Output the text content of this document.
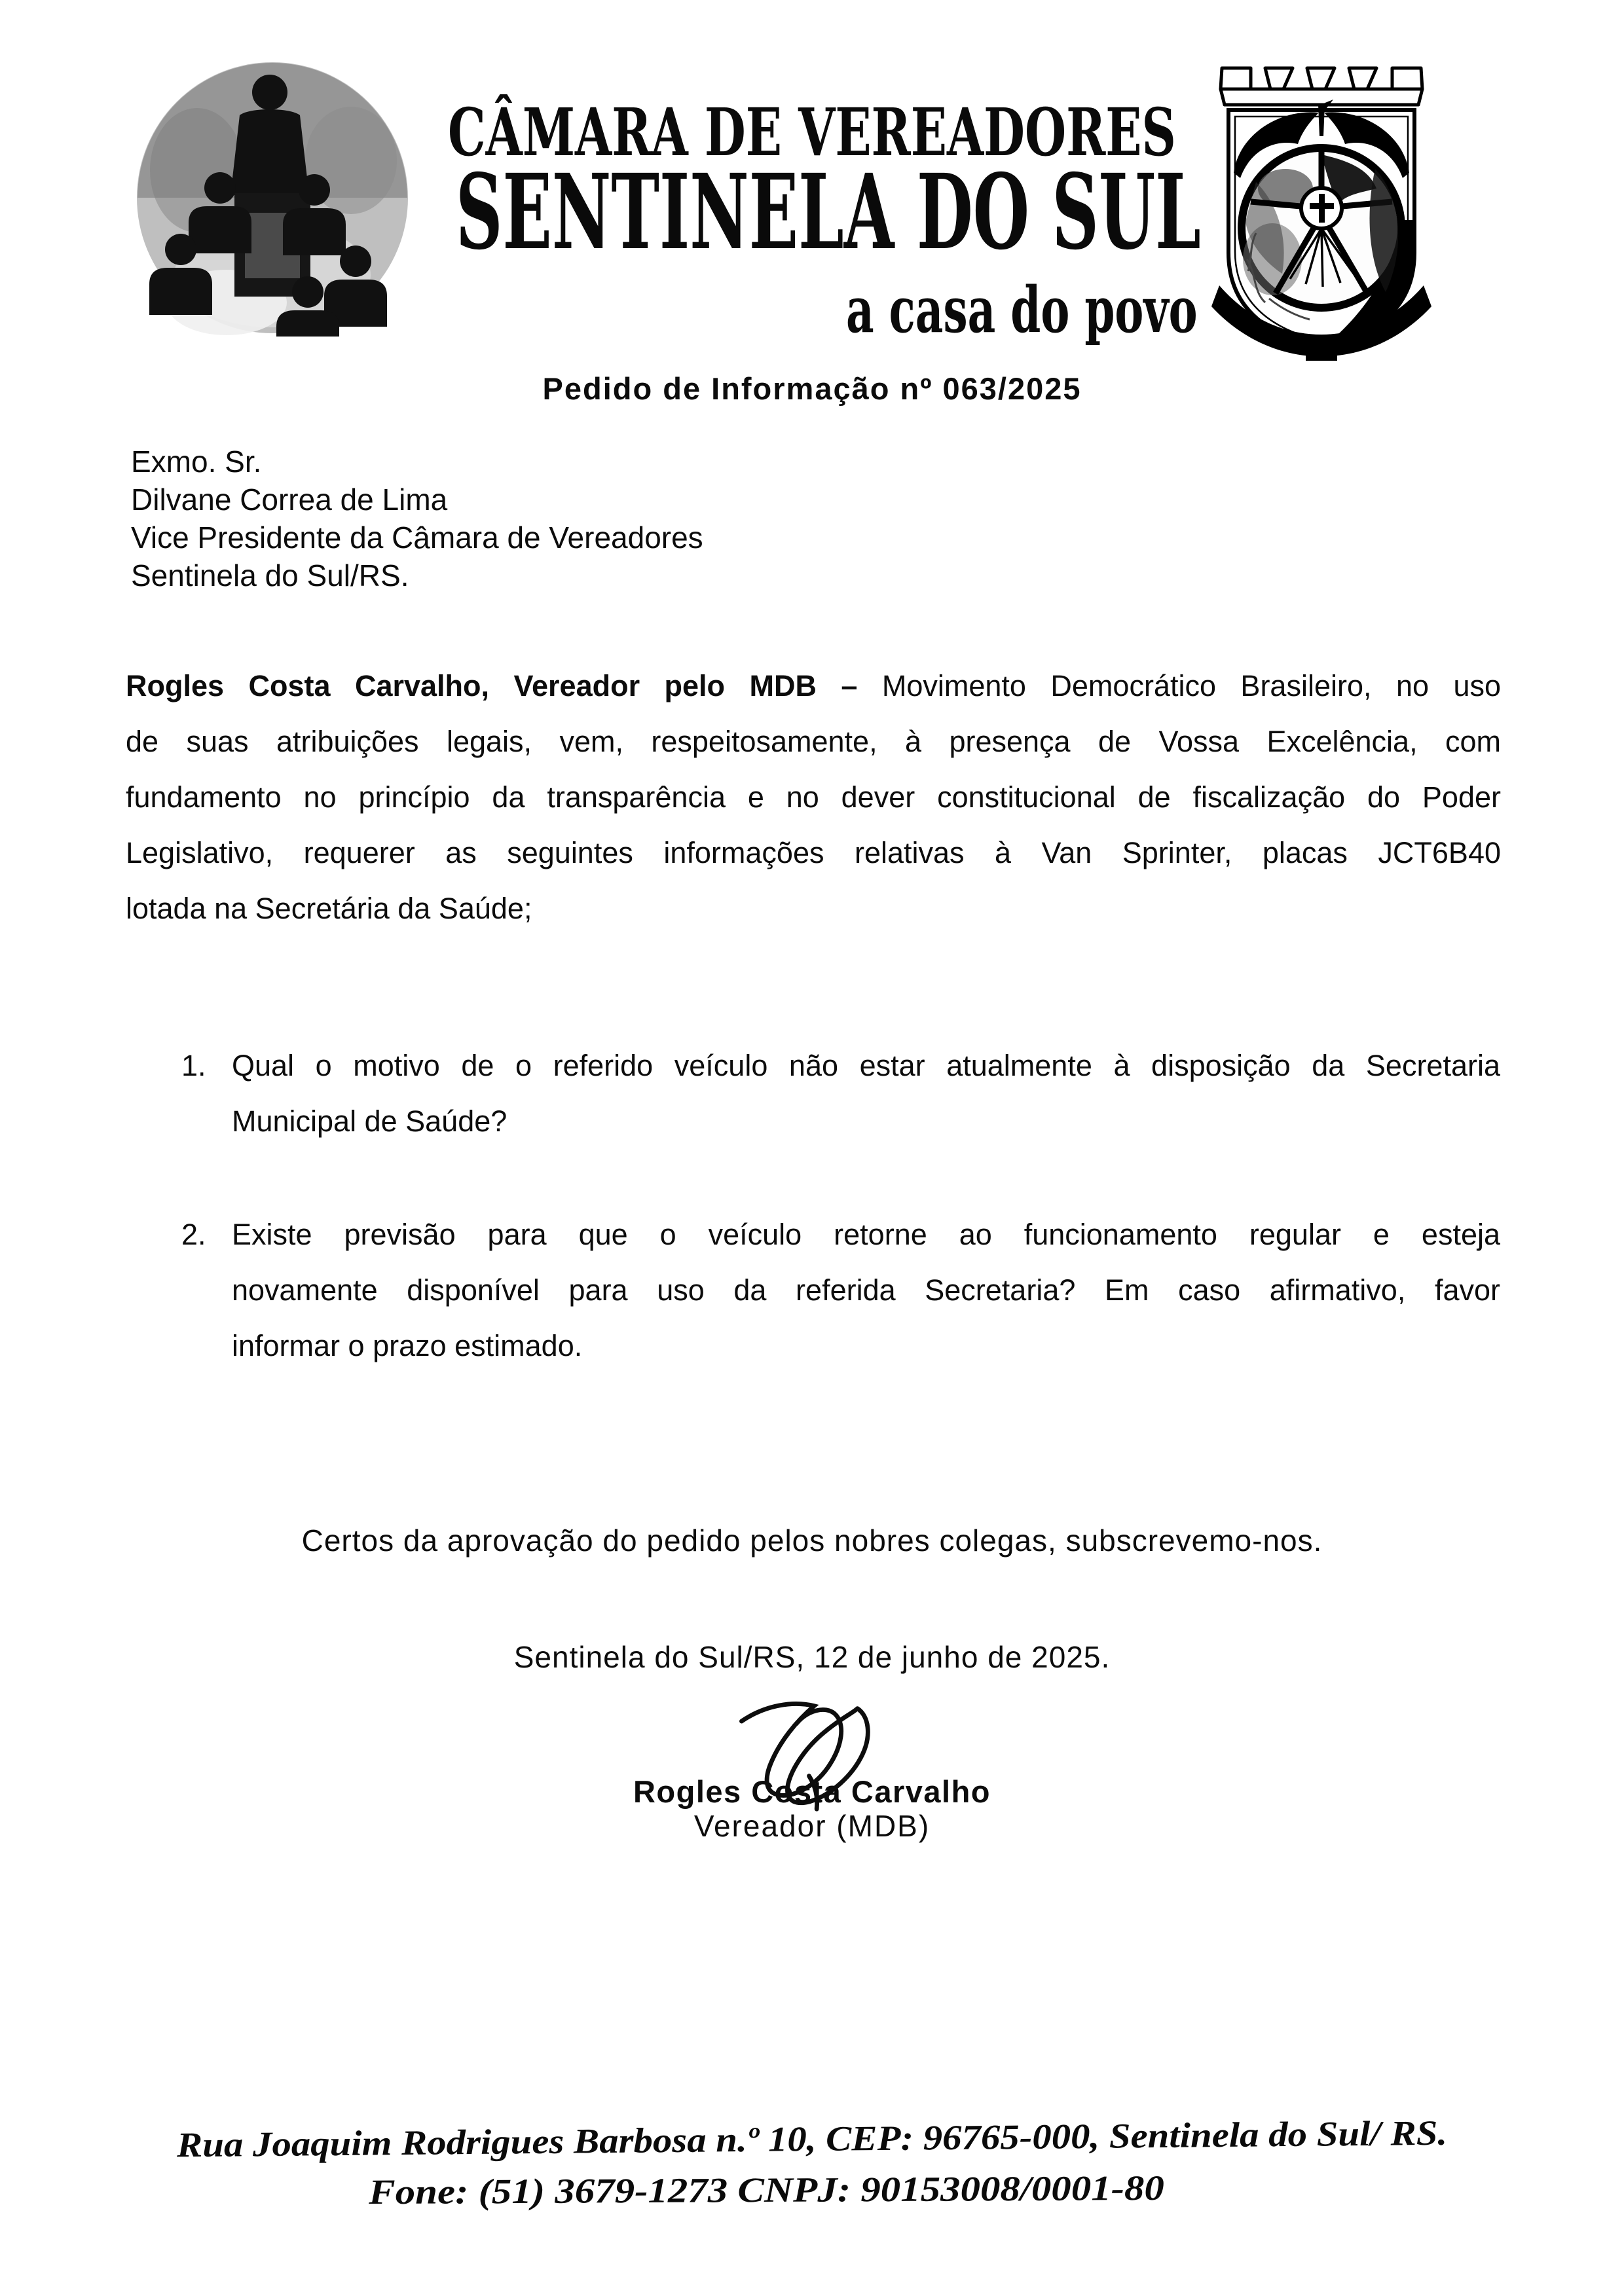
CÂMARA DE VEREADORES
SENTINELA DO SUL
a casa do povo
Pedido de Informação nº 063/2025
Exmo. Sr.
Dilvane Correa de Lima
Vice Presidente da Câmara de Vereadores
Sentinela do Sul/RS.
Rogles Costa Carvalho, Vereador pelo MDB – Movimento Democrático Brasileiro, no uso
de suas atribuições legais, vem, respeitosamente, à presença de Vossa Excelência, com
fundamento no princípio da transparência e no dever constitucional de fiscalização do Poder
Legislativo, requerer as seguintes informações relativas à Van Sprinter, placas JCT6B40
lotada na Secretária da Saúde;
1. Qual o motivo de o referido veículo não estar atualmente à disposição da Secretaria
Municipal de Saúde?
2. Existe previsão para que o veículo retorne ao funcionamento regular e esteja
novamente disponível para uso da referida Secretaria? Em caso afirmativo, favor
informar o prazo estimado.
Certos da aprovação do pedido pelos nobres colegas, subscrevemo-nos.
Sentinela do Sul/RS, 12 de junho de 2025.
Rogles Costa Carvalho
Vereador (MDB)
Rua Joaquim Rodrigues Barbosa n.º 10, CEP: 96765-000, Sentinela do Sul/ RS.
Fone: (51) 3679-1273 CNPJ: 90153008/0001-80
